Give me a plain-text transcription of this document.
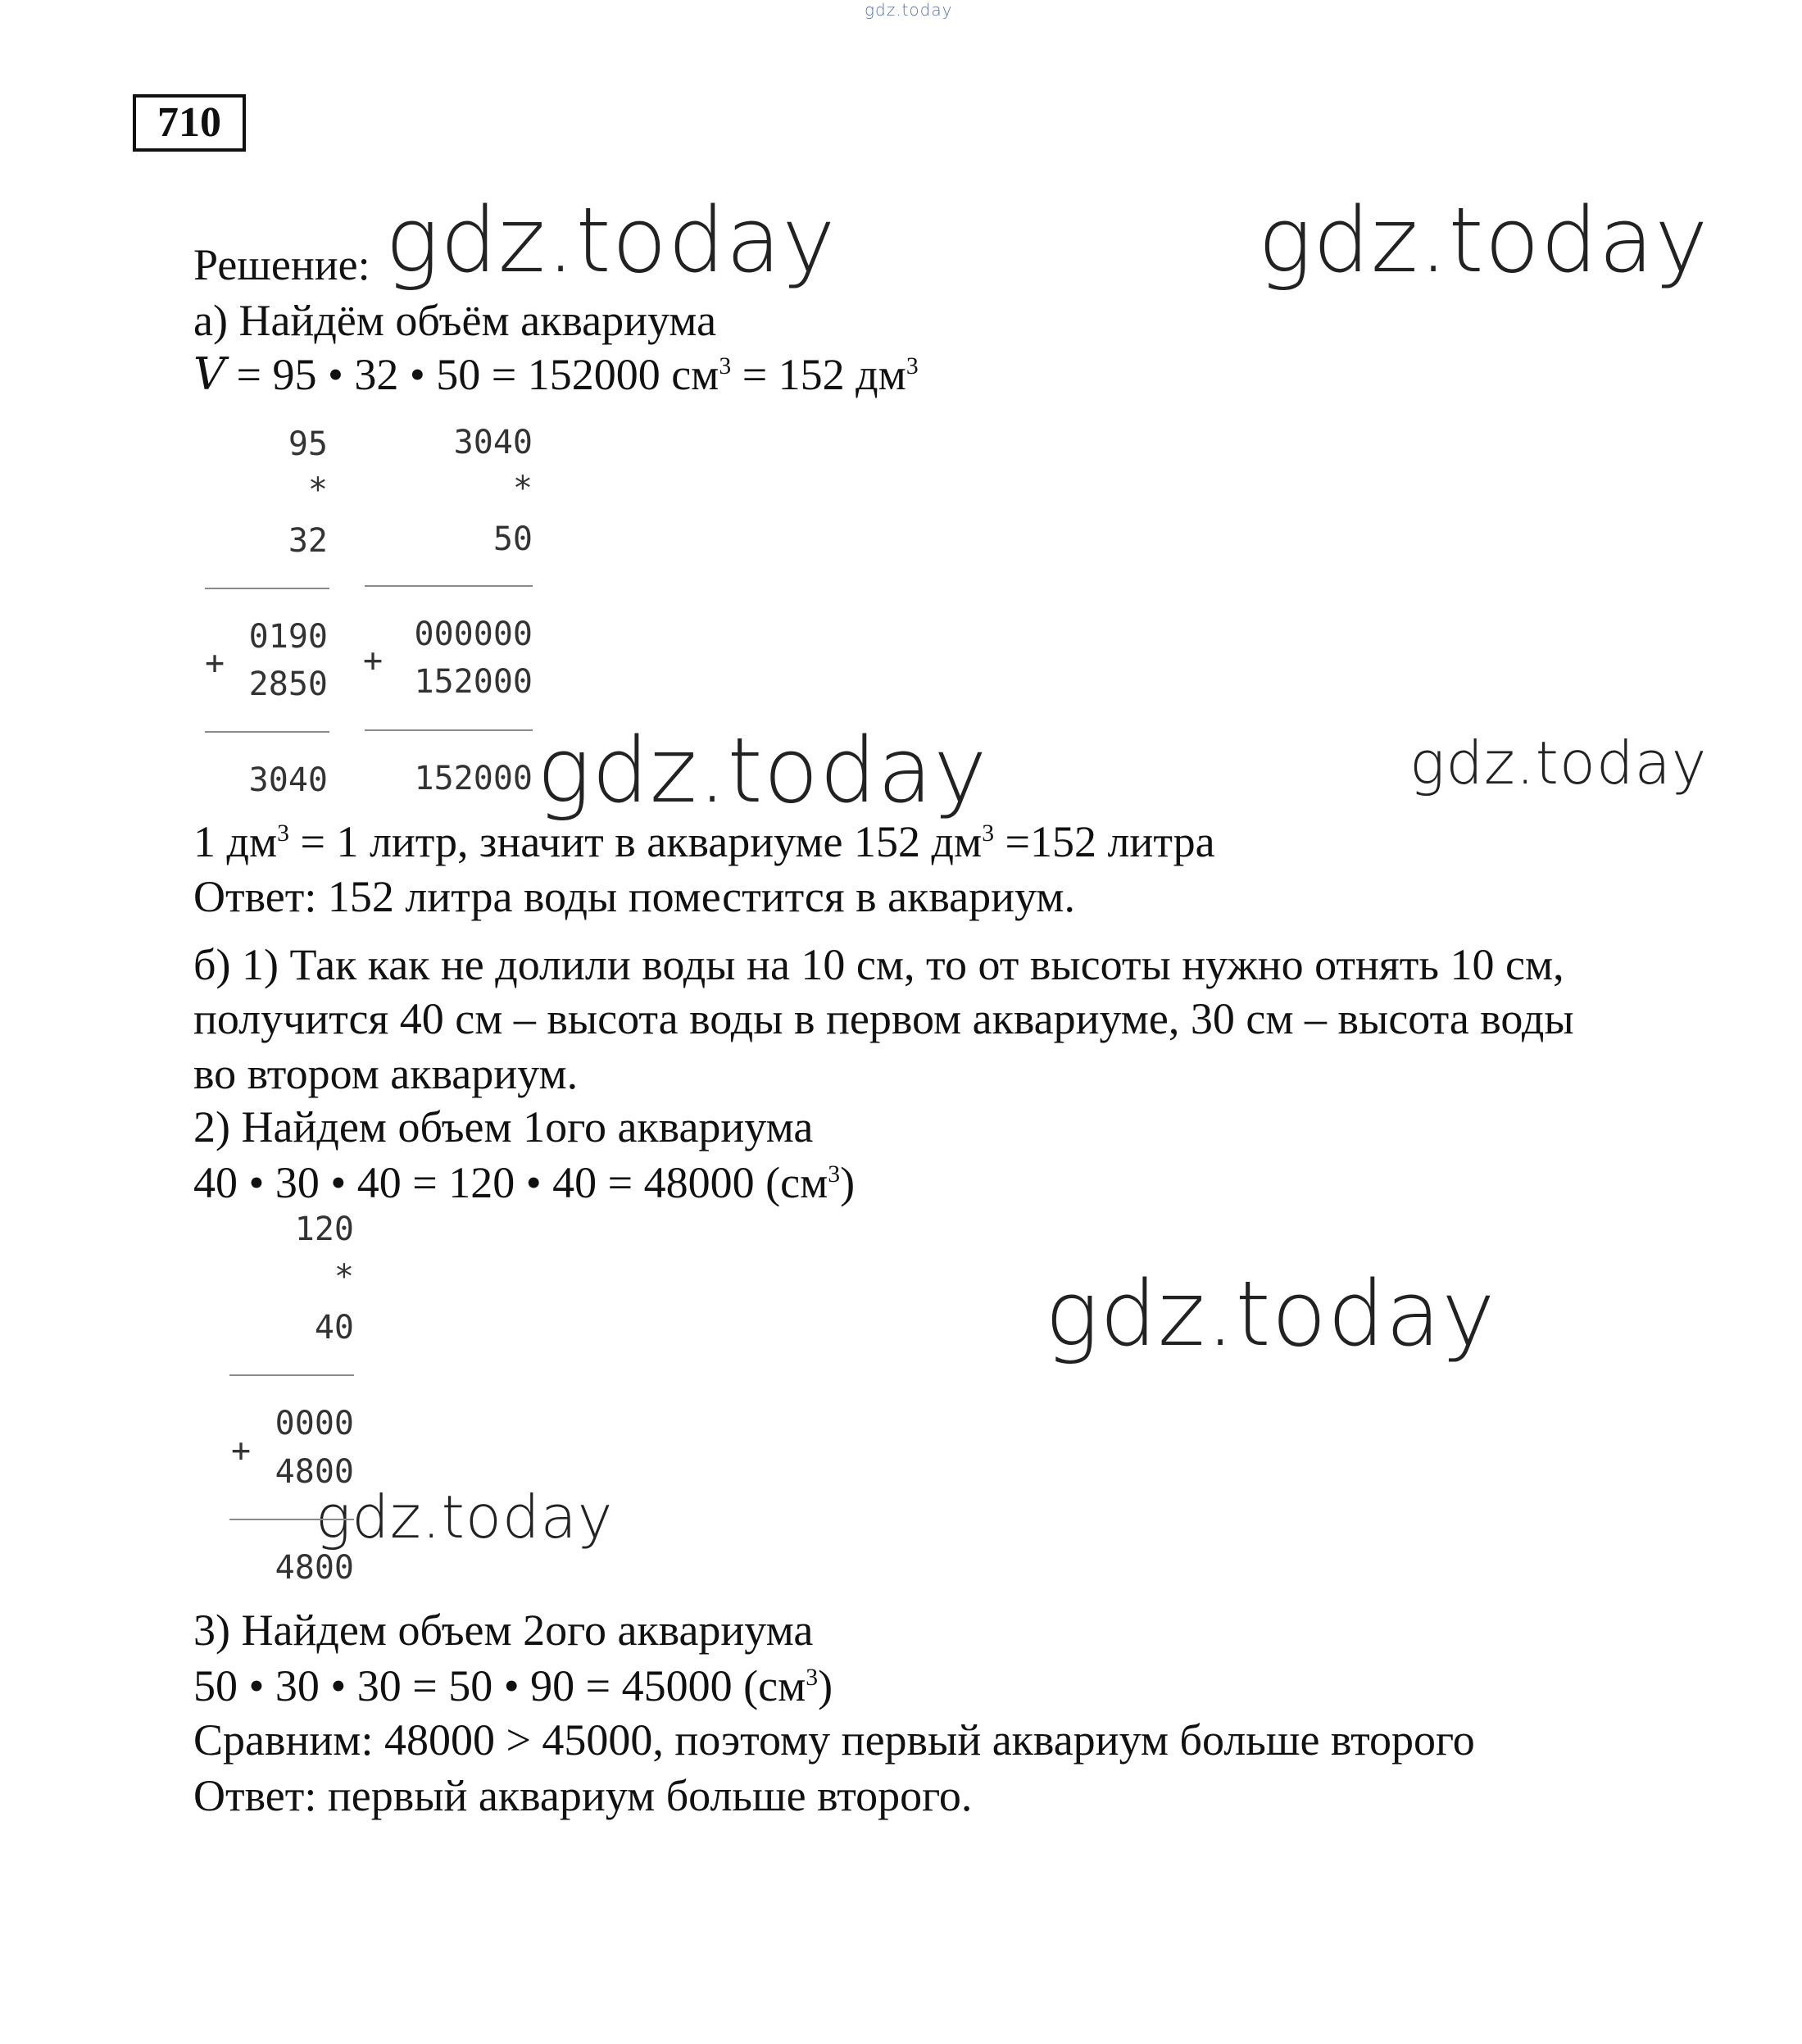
gdz.today
710
gdz.today	gdz.today
gdz.today	gdz.today
gdz.today
gdz.today
Решение:
а) Найдём объём аквариума
V = 95 • 32 • 50 = 152000 $см^3 = 152$ $дм^3$
95
*
32
0190
+
2850
3040
3040
*
50
000000
+
152000
152000
1 $дм^3 = 1$ литр, значит в аквариуме 152 $дм^3 =152$ литра
Ответ: 152 литра воды поместится в аквариум.
б) 1) Так как не долили воды на 10 см, то от высоты нужно отнять 10 см,
получится 40 см – высота воды в первом аквариуме, 30 см – высота воды
во втором аквариум.
2) Найдем объем 1ого аквариума
40 • 30 • 40 = 120 • 40 = 48000 $(см^3)$
120
*
40
0000
+
4800
4800
3) Найдем объем 2ого аквариума
50 • 30 • 30 = 50 • 90 = 45000 $(см^3)$
Сравним: 48000 > 45000, поэтому первый аквариум больше второго
Ответ: первый аквариум больше второго.
